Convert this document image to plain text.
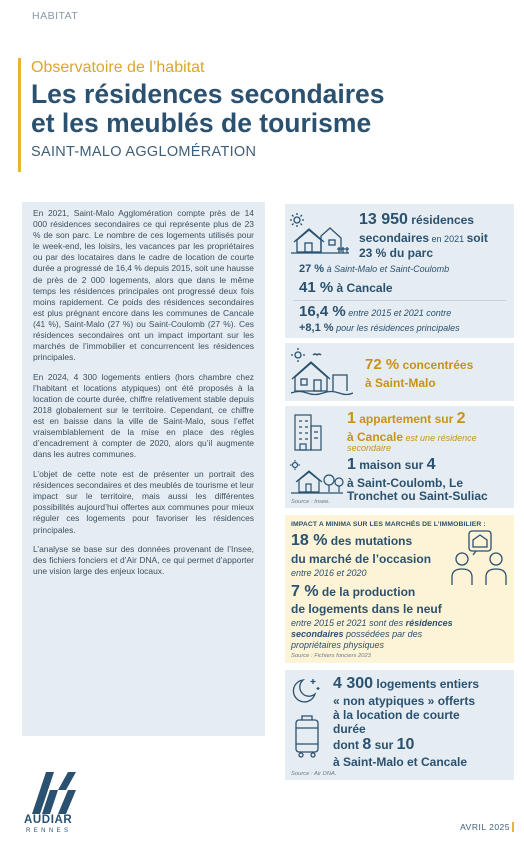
HABITAT
Observatoire de l’habitat
Les résidences secondaires
et les meublés de tourisme
SAINT-MALO AGGLOMÉRATION

En 2021, Saint-Malo Agglomération compte près de 14 000 résidences secondaires ce qui représente plus de 23 % de son parc. Le nombre de ces logements utilisés pour le week-end, les loisirs, les vacances par les propriétaires ou par des locataires dans le cadre de location de courte durée a progressé de 16,4 % depuis 2015, soit une hausse de près de 2 000 logements, alors que dans le même temps les résidences principales ont progressé deux fois moins rapidement. Ce poids des résidences secondaires est plus prégnant encore dans les communes de Cancale (41 %), Saint-Malo (27 %) ou Saint-Coulomb (27 %). Ces résidences secondaires ont un impact important sur les marchés de l’immobilier et concurrencent les résidences principales.

En 2024, 4 300 logements entiers (hors chambre chez l’habitant et locations atypiques) ont été proposés à la location de courte durée, chiffre relativement stable depuis 2018 globalement sur le territoire. Cependant, ce chiffre est en baisse dans la ville de Saint-Malo, sous l’effet vraisemblablement de la mise en place des règles d’encadrement à compter de 2020, alors qu’il augmente dans les autres communes.

L’objet de cette note est de présenter un portrait des résidences secondaires et des meublés de tourisme et leur impact sur le territoire, mais aussi les différentes possibilités aujourd’hui offertes aux communes pour mieux réguler ces logements pour favoriser les résidences principales.

L’analyse se base sur des données provenant de l’Insee, des fichiers fonciers et d’Air DNA, ce qui permet d’apporter une vision large des enjeux locaux.

13 950 résidences
secondaires en 2021 soit
23 % du parc
27 % à Saint-Malo et Saint-Coulomb
41 % à Cancale
16,4 % entre 2015 et 2021 contre
+8,1 % pour les résidences principales
72 % concentrées
à Saint-Malo
1 appartement sur 2
à Cancale est une résidence
secondaire
1 maison sur 4
à Saint-Coulomb, Le
Tronchet ou Saint-Suliac
Source : Insee.
IMPACT A MINIMA SUR LES MARCHÉS DE L’IMMOBILIER :
18 % des mutations
du marché de l’occasion
entre 2016 et 2020
7 % de la production
de logements dans le neuf
entre 2015 et 2021 sont des résidences
secondaires possédées par des
propriétaires physiques
Source : Fichiers fonciers 2023
4 300 logements entiers
« non atypiques » offerts
à la location de courte
durée
dont 8 sur 10
à Saint-Malo et Cancale
Source : Air DNA.
AUDIAR
RENNES	AVRIL 2025
